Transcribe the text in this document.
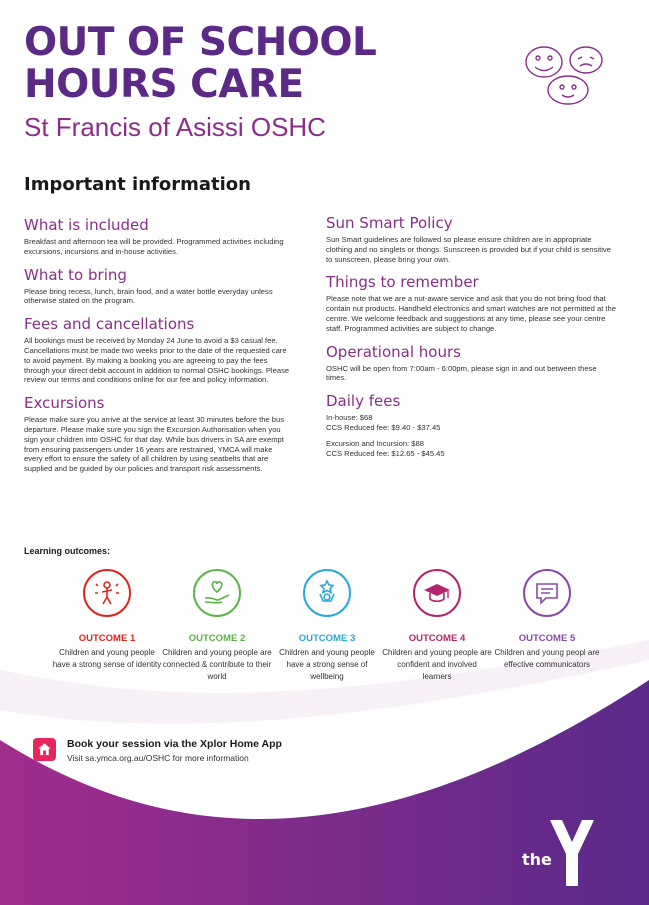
OUT OF SCHOOL
HOURS CARE
St Francis of Asissi OSHC
Important information
What is included
Breakfast and afternoon tea will be provided. Programmed activities including excursions, incursions and in-house activities.
What to bring
Please bring recess, lunch, brain food, and a water bottle everyday unless otherwise stated on the program.
Fees and cancellations
All bookings must be received by Monday 24 June to avoid a $3 casual fee. Cancellations must be made two weeks prior to the date of the requested care to avoid payment. By making a booking you are agreeing to pay the fees through your direct debit account in addition to normal OSHC bookings. Please review our terms and conditions online for our fee and policy information.
Excursions
Please make sure you arrive at the service at least 30 minutes before the bus departure. Please make sure you sign the Excursion Authorisation when you sign your children into OSHC for that day. While bus drivers in SA are exempt from ensuring passengers under 16 years are restrained, YMCA will make every effort to ensure the safety of all children by using seatbelts that are supplied and be guided by our policies and transport risk assessments.
Sun Smart Policy
Sun Smart guidelines are followed so please ensure children are in appropriate clothing and no singlets or thongs. Sunscreen is provided but if your child is sensitive to sunscreen, please bring your own.
Things to remember
Please note that we are a nut-aware service and ask that you do not bring food that contain nut products. Handheld electronics and smart watches are not permitted at the centre. We welcome feedback and suggestions at any time, please see your centre staff. Programmed activities are subject to change.
Operational hours
OSHC will be open from 7:00am - 6:00pm, please sign in and out between these times.
Daily fees
In-house: $68
CCS Reduced fee: $9.40 - $37.45
Excursion and Incursion: $88
CCS Reduced fee: $12.65 - $45.45
Learning outcomes:
OUTCOME 1
Children and young people have a strong sense of identity
OUTCOME 2
Children and young people are connected & contribute to their world
OUTCOME 3
Children and young people have a strong sense of wellbeing
OUTCOME 4
Children and young people are confident and involved learners
OUTCOME 5
Children and young peopl are effective communicators
Book your session via the Xplor Home App
Visit sa.ymca.org.au/OSHC for more information
the
